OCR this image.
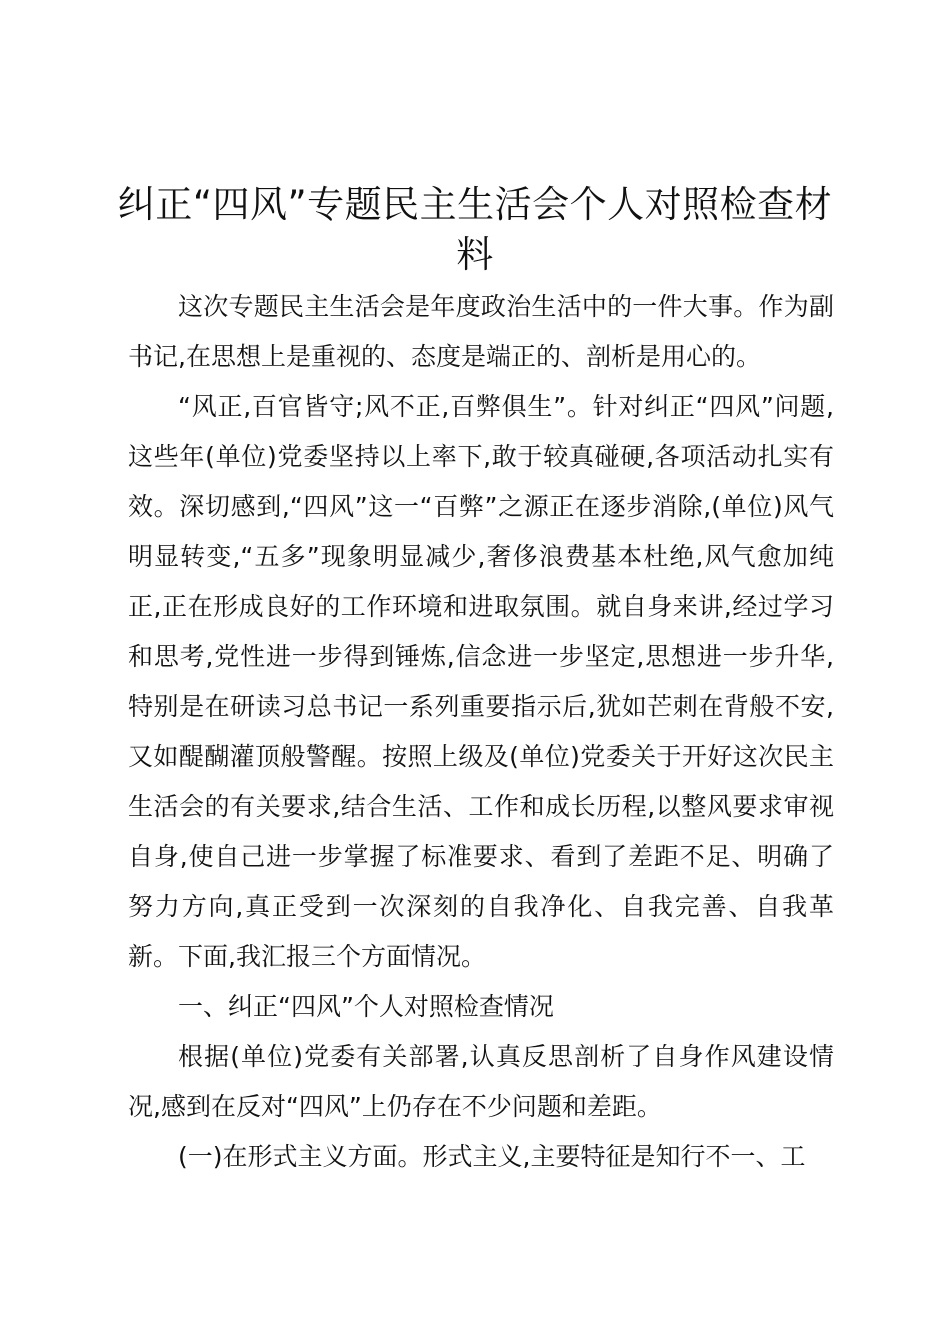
纠正“四风”专题民主生活会个人对照检查材料

这次专题民主生活会是年度政治生活中的一件大事。作为副书记,在思想上是重视的、态度是端正的、剖析是用心的。

“风正,百官皆守;风不正,百弊俱生”。针对纠正“四风”问题,这些年(单位)党委坚持以上率下,敢于较真碰硬,各项活动扎实有效。深切感到,“四风”这一“百弊”之源正在逐步消除,(单位)风气明显转变,“五多”现象明显减少,奢侈浪费基本杜绝,风气愈加纯正,正在形成良好的工作环境和进取氛围。就自身来讲,经过学习和思考,党性进一步得到锤炼,信念进一步坚定,思想进一步升华,特别是在研读习总书记一系列重要指示后,犹如芒刺在背般不安,又如醍醐灌顶般警醒。按照上级及(单位)党委关于开好这次民主生活会的有关要求,结合生活、工作和成长历程,以整风要求审视自身,使自己进一步掌握了标准要求、看到了差距不足、明确了努力方向,真正受到一次深刻的自我净化、自我完善、自我革新。下面,我汇报三个方面情况。

一、纠正“四风”个人对照检查情况

根据(单位)党委有关部署,认真反思剖析了自身作风建设情况,感到在反对“四风”上仍存在不少问题和差距。

(一)在形式主义方面。形式主义,主要特征是知行不一、工
